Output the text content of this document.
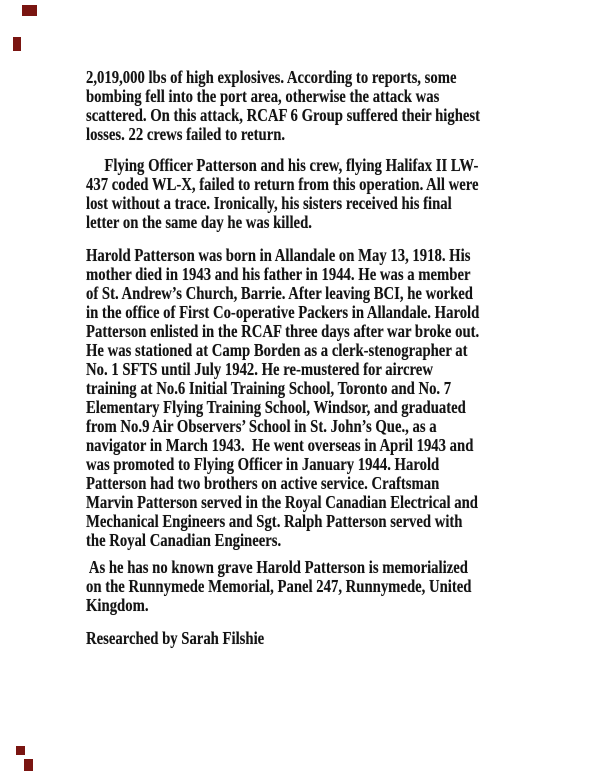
2,019,000 lbs of high explosives. According to reports, some
bombing fell into the port area, otherwise the attack was
scattered. On this attack, RCAF 6 Group suffered their highest
losses. 22 crews failed to return.
Flying Officer Patterson and his crew, flying Halifax II LW-
437 coded WL-X, failed to return from this operation. All were
lost without a trace. Ironically, his sisters received his final
letter on the same day he was killed.
Harold Patterson was born in Allandale on May 13, 1918. His
mother died in 1943 and his father in 1944. He was a member
of St. Andrew’s Church, Barrie. After leaving BCI, he worked
in the office of First Co-operative Packers in Allandale. Harold
Patterson enlisted in the RCAF three days after war broke out.
He was stationed at Camp Borden as a clerk-stenographer at
No. 1 SFTS until July 1942. He re-mustered for aircrew
training at No.6 Initial Training School, Toronto and No. 7
Elementary Flying Training School, Windsor, and graduated
from No.9 Air Observers’ School in St. John’s Que., as a
navigator in March 1943.  He went overseas in April 1943 and
was promoted to Flying Officer in January 1944. Harold
Patterson had two brothers on active service. Craftsman
Marvin Patterson served in the Royal Canadian Electrical and
Mechanical Engineers and Sgt. Ralph Patterson served with
the Royal Canadian Engineers.
As he has no known grave Harold Patterson is memorialized
on the Runnymede Memorial, Panel 247, Runnymede, United
Kingdom.
Researched by Sarah Filshie
